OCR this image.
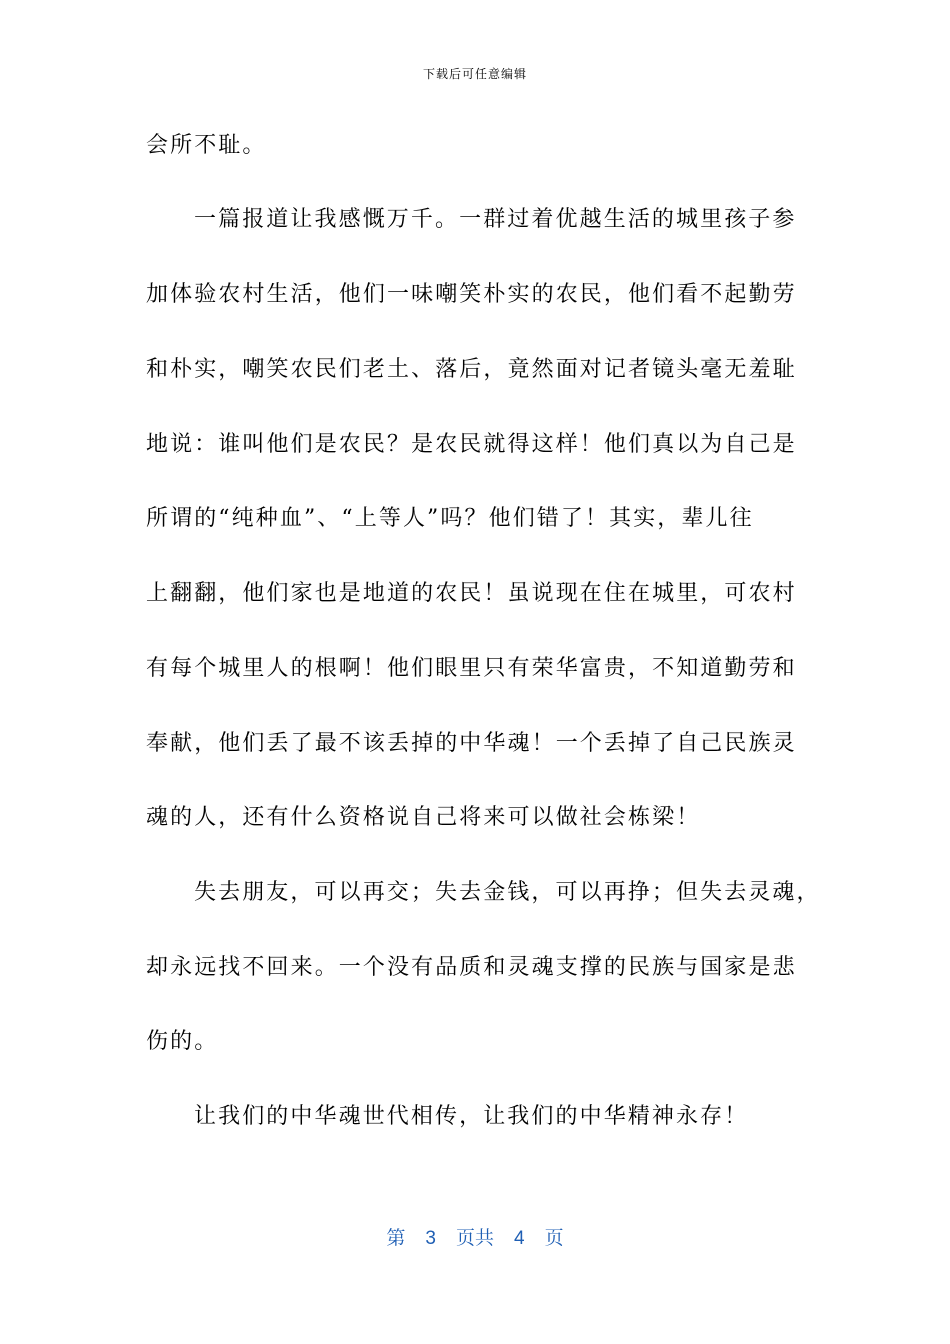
下载后可任意编辑
会所不耻。
一篇报道让我感慨万千。一群过着优越生活的城里孩子参
加体验农村生活，他们一味嘲笑朴实的农民，他们看不起勤劳
和朴实，嘲笑农民们老土、落后，竟然面对记者镜头毫无羞耻
地说：谁叫他们是农民？是农民就得这样！他们真以为自己是
所谓的“纯种血”、“上等人”吗？他们错了！其实，辈儿往
上翻翻，他们家也是地道的农民！虽说现在住在城里，可农村
有每个城里人的根啊！他们眼里只有荣华富贵，不知道勤劳和
奉献，他们丢了最不该丢掉的中华魂！一个丢掉了自己民族灵
魂的人，还有什么资格说自己将来可以做社会栋梁！
失去朋友，可以再交；失去金钱，可以再挣；但失去灵魂，
却永远找不回来。一个没有品质和灵魂支撑的民族与国家是悲
伤的。
让我们的中华魂世代相传，让我们的中华精神永存！
第 3 页共 4 页
